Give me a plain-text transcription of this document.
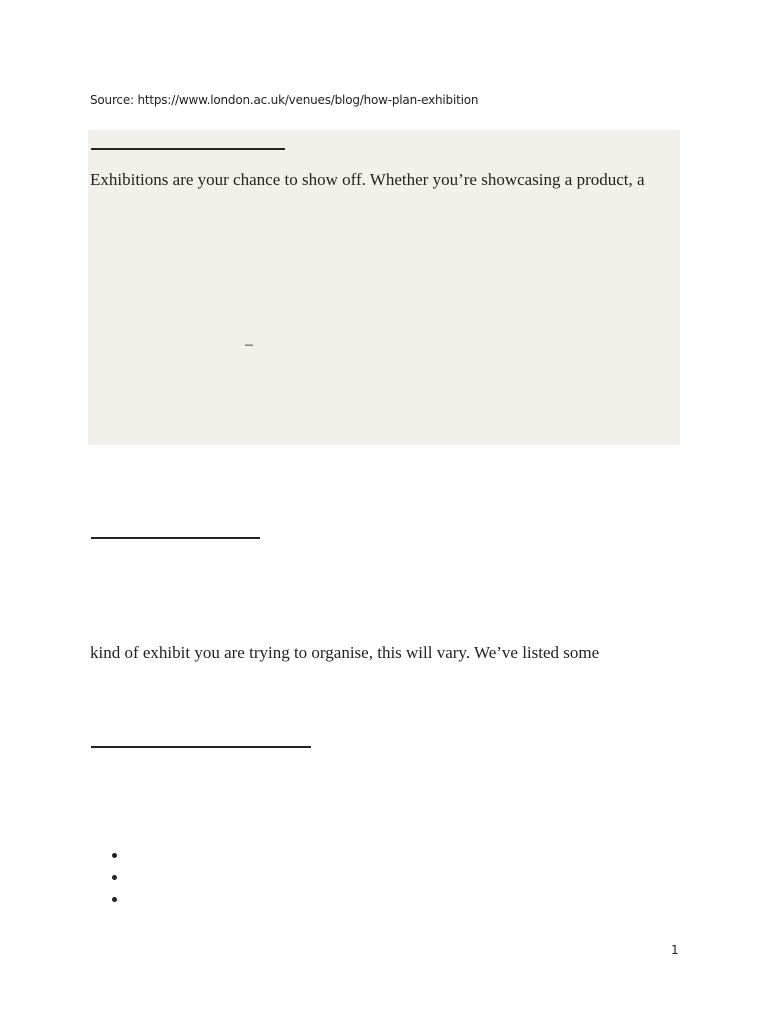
Source: https://www.london.ac.uk/venues/blog/how-plan-exhibition
Exhibitions are your chance to show off. Whether you’re showcasing a product, a
–
kind of exhibit you are trying to organise, this will vary. We’ve listed some
1
